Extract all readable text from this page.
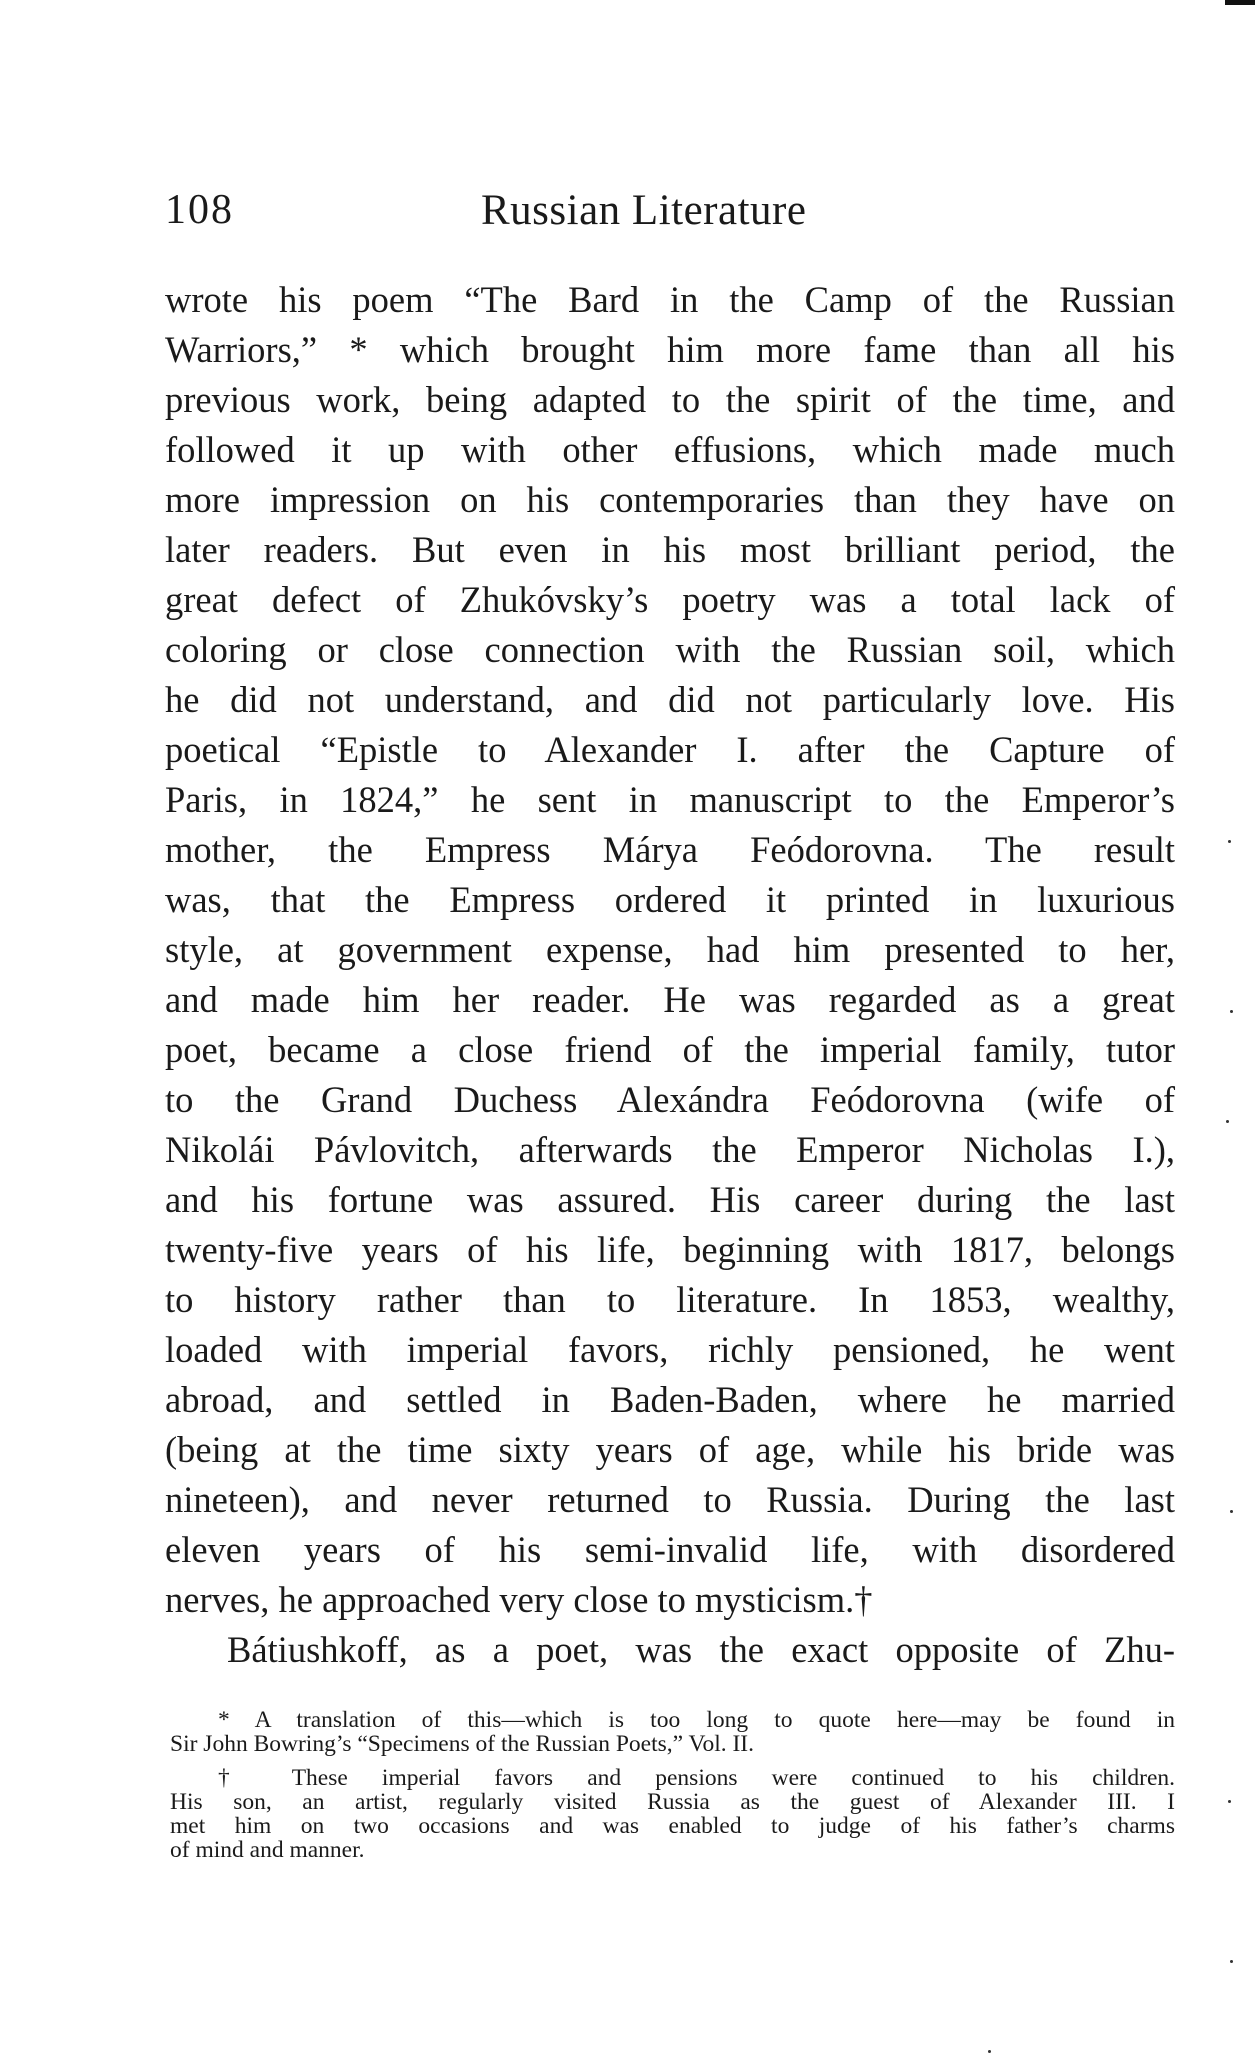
108	Russian Literature
wrote his poem “The Bard in the Camp of the Russian
Warriors,” * which brought him more fame than all his
previous work, being adapted to the spirit of the time, and
followed it up with other effusions, which made much
more impression on his contemporaries than they have on
later readers. But even in his most brilliant period, the
great defect of Zhukóvsky’s poetry was a total lack of
coloring or close connection with the Russian soil, which
he did not understand, and did not particularly love. His
poetical “Epistle to Alexander I. after the Capture of
Paris, in 1824,” he sent in manuscript to the Emperor’s
mother, the Empress Márya Feódorovna. The result
was, that the Empress ordered it printed in luxurious
style, at government expense, had him presented to her,
and made him her reader. He was regarded as a great
poet, became a close friend of the imperial family, tutor
to the Grand Duchess Alexándra Feódorovna (wife of
Nikolái Pávlovitch, afterwards the Emperor Nicholas I.),
and his fortune was assured. His career during the last
twenty-five years of his life, beginning with 1817, belongs
to history rather than to literature. In 1853, wealthy,
loaded with imperial favors, richly pensioned, he went
abroad, and settled in Baden-Baden, where he married
(being at the time sixty years of age, while his bride was
nineteen), and never returned to Russia. During the last
eleven years of his semi-invalid life, with disordered
nerves, he approached very close to mysticism.†
Bátiushkoff, as a poet, was the exact opposite of Zhu-
* A translation of this—which is too long to quote here—may be found in
Sir John Bowring’s “Specimens of the Russian Poets,” Vol. II.
† These imperial favors and pensions were continued to his children.
His son, an artist, regularly visited Russia as the guest of Alexander III. I
met him on two occasions and was enabled to judge of his father’s charms
of mind and manner.
